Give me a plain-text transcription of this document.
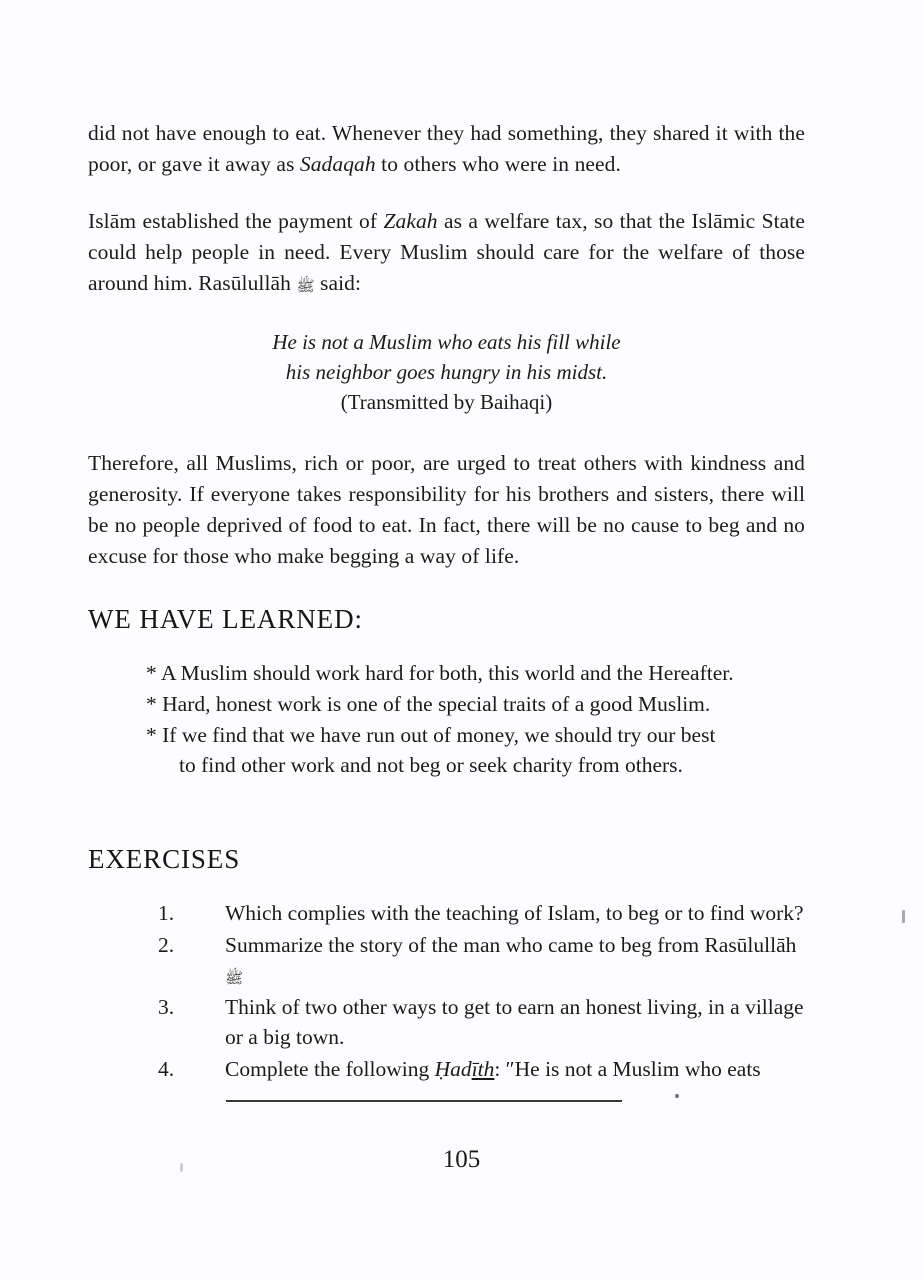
did not have enough to eat. Whenever they had something, they shared it with the poor, or gave it away as Sadaqah to others who were in need.

Islām established the payment of Zakah as a welfare tax, so that the Islāmic State could help people in need. Every Muslim should care for the welfare of those around him. Rasūlullāh ﷺ said:

He is not a Muslim who eats his fill while
his neighbor goes hungry in his midst.
(Transmitted by Baihaqi)

Therefore, all Muslims, rich or poor, are urged to treat others with kindness and generosity. If everyone takes responsibility for his brothers and sisters, there will be no people deprived of food to eat. In fact, there will be no cause to beg and no excuse for those who make begging a way of life.

WE HAVE LEARNED:
* A Muslim should work hard for both, this world and the Hereafter.
* Hard, honest work is one of the special traits of a good Muslim.
* If we find that we have run out of money, we should try our best
to find other work and not beg or seek charity from others.
EXERCISES
1. Which complies with the teaching of Islam, to beg or to find work?
2. Summarize the story of the man who came to beg from Rasūlullāh ﷺ
3. Think of two other ways to get to earn an honest living, in a village or a big town.
4. Complete the following Ḥadīth: ″He is not a Muslim who eats
105
